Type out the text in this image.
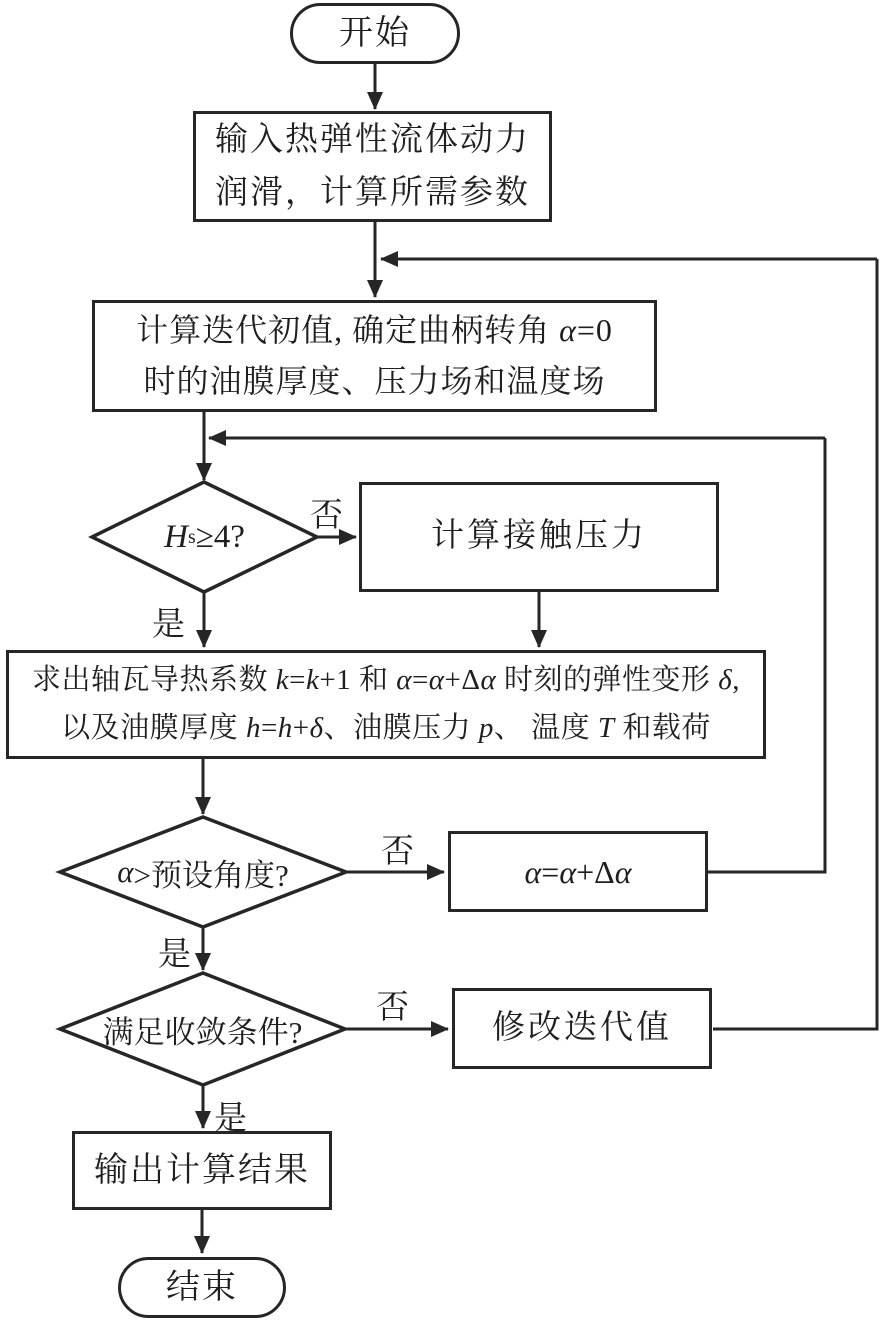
开始
输入热弹性流体动力
润滑，计算所需参数
计算迭代初值, 确定曲柄转角 α=0
时的油膜厚度、压力场和温度场
H s ≥4?	计算接触压力
求出轴瓦导热系数 k=k+1 和 α=α+Δα 时刻的弹性变形 δ,
以及油膜厚度 h=h+δ、油膜压力 p、 温度 T 和载荷
α >预设角度?	α=α+Δα
满足收敛条件?	修改迭代值
输出计算结果
结束
否
是
否
是
否
是
